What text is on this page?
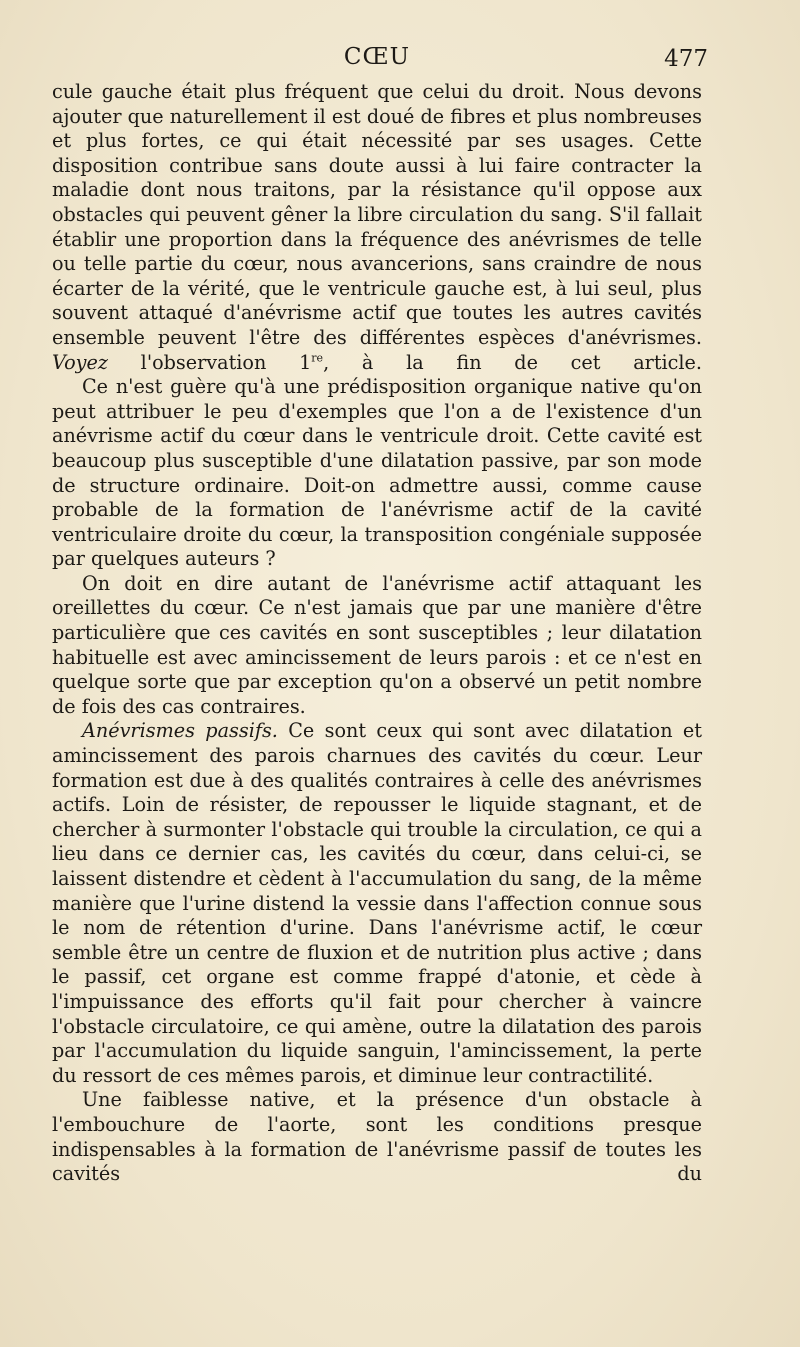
CŒU	477

cule gauche était plus fréquent que celui du droit. Nous devons ajouter que naturellement il est doué de fibres et plus nombreuses et plus fortes, ce qui était nécessité par ses usages. Cette disposition contribue sans doute aussi à lui faire contracter la maladie dont nous traitons, par la résistance qu'il oppose aux obstacles qui peuvent gêner la libre circulation du sang. S'il fallait établir une proportion dans la fréquence des anévrismes de telle ou telle partie du cœur, nous avancerions, sans craindre de nous écarter de la vérité, que le ventricule gauche est, à lui seul, plus souvent attaqué d'anévrisme actif que toutes les autres cavités ensemble peuvent l'être des différentes espèces d'anévrismes. Voyez l'observation 1re, à la fin de cet article.

Ce n'est guère qu'à une prédisposition organique native qu'on peut attribuer le peu d'exemples que l'on a de l'existence d'un anévrisme actif du cœur dans le ventricule droit. Cette cavité est beaucoup plus susceptible d'une dilatation passive, par son mode de structure ordinaire. Doit-on admettre aussi, comme cause probable de la formation de l'anévrisme actif de la cavité ventriculaire droite du cœur, la transposition congéniale supposée par quelques auteurs ?

On doit en dire autant de l'anévrisme actif attaquant les oreillettes du cœur. Ce n'est jamais que par une manière d'être particulière que ces cavités en sont susceptibles ; leur dilatation habituelle est avec amincissement de leurs parois : et ce n'est en quelque sorte que par exception qu'on a observé un petit nombre de fois des cas contraires.

Anévrismes passifs. Ce sont ceux qui sont avec dilatation et amincissement des parois charnues des cavités du cœur. Leur formation est due à des qualités contraires à celle des anévrismes actifs. Loin de résister, de repousser le liquide stagnant, et de chercher à surmonter l'obstacle qui trouble la circulation, ce qui a lieu dans ce dernier cas, les cavités du cœur, dans celui-ci, se laissent distendre et cèdent à l'accumulation du sang, de la même manière que l'urine distend la vessie dans l'affection connue sous le nom de rétention d'urine. Dans l'anévrisme actif, le cœur semble être un centre de fluxion et de nutrition plus active ; dans le passif, cet organe est comme frappé d'atonie, et cède à l'impuissance des efforts qu'il fait pour chercher à vaincre l'obstacle circulatoire, ce qui amène, outre la dilatation des parois par l'accumulation du liquide sanguin, l'amincissement, la perte du ressort de ces mêmes parois, et diminue leur contractilité.

Une faiblesse native, et la présence d'un obstacle à l'embouchure de l'aorte, sont les conditions presque indispensables à la formation de l'anévrisme passif de toutes les cavités du
